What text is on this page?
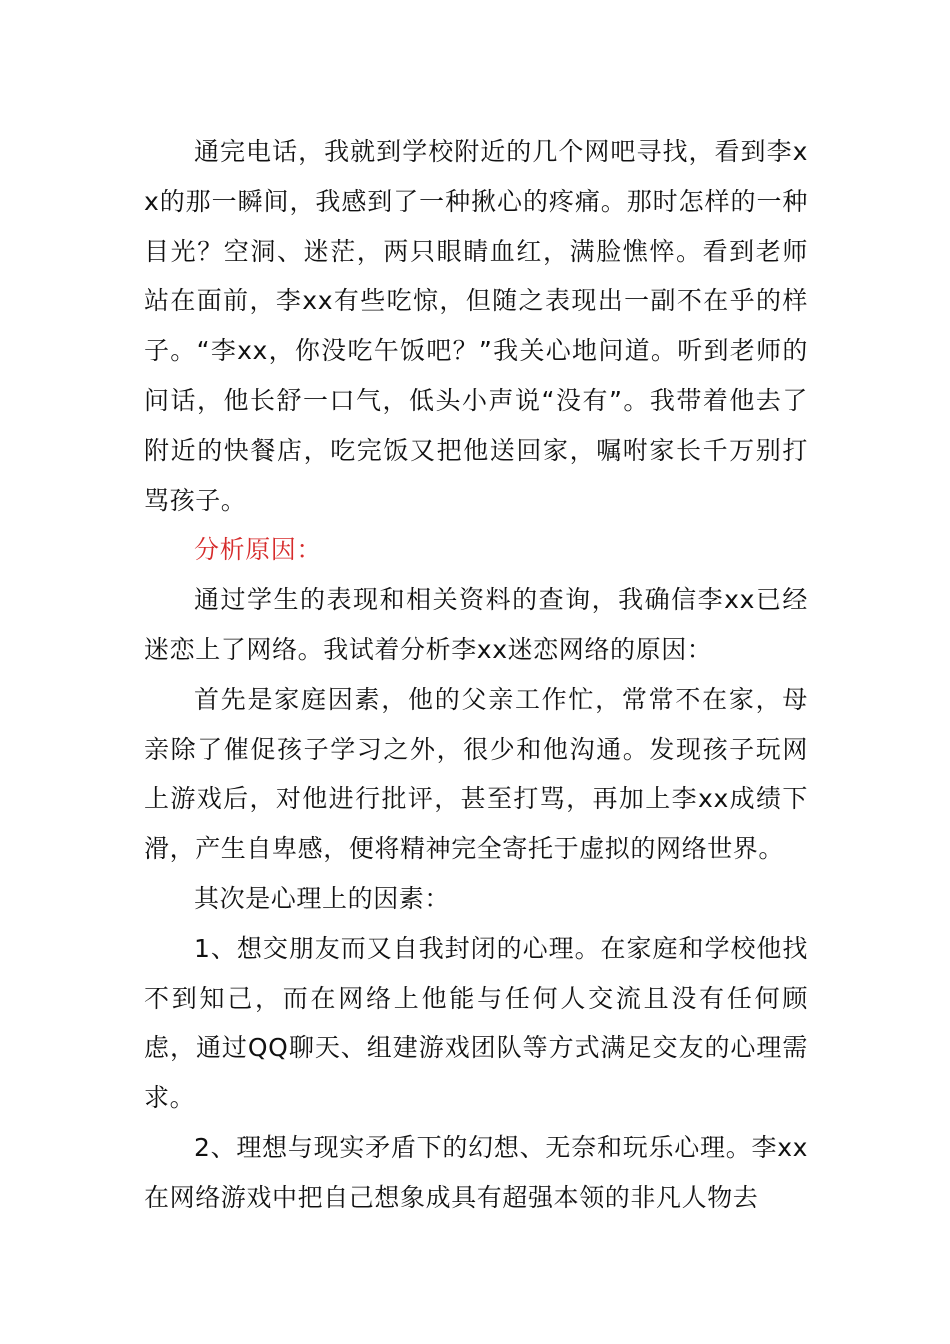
通完电话，我就到学校附近的几个网吧寻找，看到李xx的那一瞬间，我感到了一种揪心的疼痛。那时怎样的一种目光？空洞、迷茫，两只眼睛血红，满脸憔悴。看到老师站在面前，李xx有些吃惊，但随之表现出一副不在乎的样子。“李xx，你没吃午饭吧？”我关心地问道。听到老师的问话，他长舒一口气，低头小声说“没有”。我带着他去了附近的快餐店，吃完饭又把他送回家，嘱咐家长千万别打骂孩子。

分析原因：

通过学生的表现和相关资料的查询，我确信李xx已经迷恋上了网络。我试着分析李xx迷恋网络的原因：

首先是家庭因素，他的父亲工作忙，常常不在家，母亲除了催促孩子学习之外，很少和他沟通。发现孩子玩网上游戏后，对他进行批评，甚至打骂，再加上李xx成绩下滑，产生自卑感，便将精神完全寄托于虚拟的网络世界。

其次是心理上的因素：

1、想交朋友而又自我封闭的心理。在家庭和学校他找不到知己，而在网络上他能与任何人交流且没有任何顾虑，通过QQ聊天、组建游戏团队等方式满足交友的心理需求。

2、理想与现实矛盾下的幻想、无奈和玩乐心理。李xx在网络游戏中把自己想象成具有超强本领的非凡人物去
